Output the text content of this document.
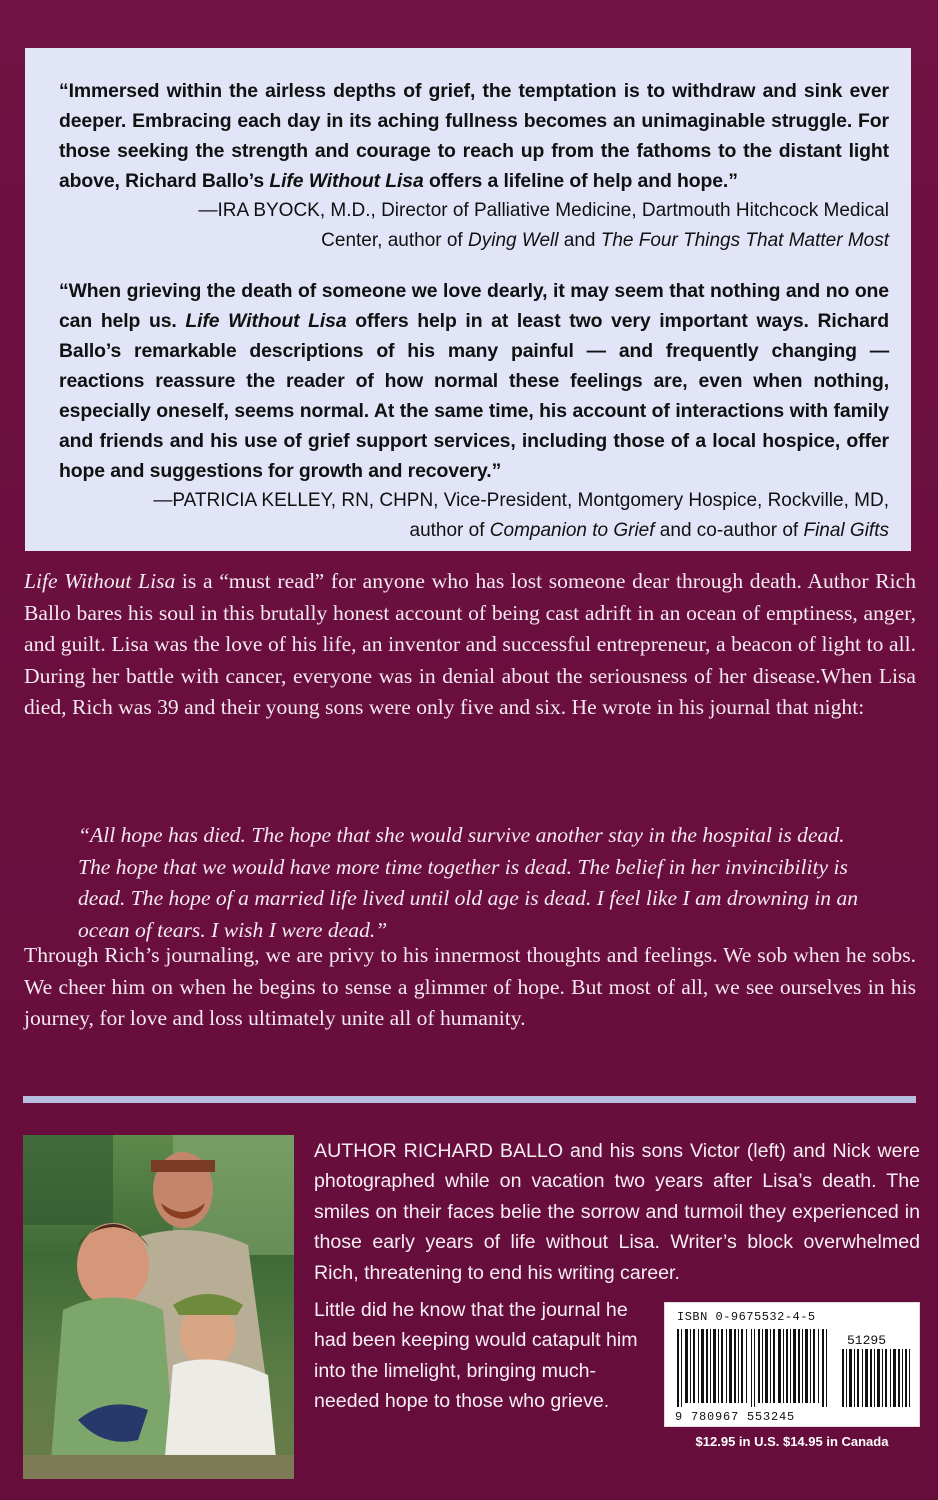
“Immersed within the airless depths of grief, the temptation is to withdraw and sink ever deeper. Embracing each day in its aching fullness becomes an unimaginable struggle. For those seeking the strength and courage to reach up from the fathoms to the distant light above, Richard Ballo’s Life Without Lisa offers a lifeline of help and hope.”

—IRA BYOCK, M.D., Director of Palliative Medicine, Dartmouth Hitchcock Medical
Center, author of Dying Well and The Four Things That Matter Most

“When grieving the death of someone we love dearly, it may seem that nothing and no one can help us. Life Without Lisa offers help in at least two very important ways. Richard Ballo’s remarkable descriptions of his many painful — and frequently changing — reactions reassure the reader of how normal these feelings are, even when nothing, especially oneself, seems normal. At the same time, his account of interactions with family and friends and his use of grief support services, including those of a local hospice, offer hope and suggestions for growth and recovery.”

—PATRICIA KELLEY, RN, CHPN, Vice-President, Montgomery Hospice, Rockville, MD,
author of Companion to Grief and co-author of Final Gifts

Life Without Lisa is a “must read” for anyone who has lost someone dear through death. Author Rich Ballo bares his soul in this brutally honest account of being cast adrift in an ocean of emptiness, anger, and guilt. Lisa was the love of his life, an inventor and successful entrepreneur, a beacon of light to all. During her battle with cancer, everyone was in denial about the seriousness of her disease.When Lisa died, Rich was 39 and their young sons were only five and six. He wrote in his journal that night:

“All hope has died. The hope that she would survive another stay in the hospital is dead. The hope that we would have more time together is dead. The belief in her invincibility is dead. The hope of a married life lived until old age is dead. I feel like I am drowning in an ocean of tears. I wish I were dead.”

Through Rich’s journaling, we are privy to his innermost thoughts and feelings. We sob when he sobs. We cheer him on when he begins to sense a glimmer of hope. But most of all, we see ourselves in his journey, for love and loss ultimately unite all of humanity.

AUTHOR RICHARD BALLO and his sons Victor (left) and Nick were photographed while on vacation two years after Lisa’s death. The smiles on their faces belie the sorrow and turmoil they experienced in those early years of life without Lisa. Writer’s block overwhelmed Rich, threatening to end his writing career.

Little did he know that the journal he had been keeping would catapult him into the limelight, bringing much-needed hope to those who grieve.

ISBN 0-9675532-4-5
51295
9 780967 553245
$12.95 in U.S. $14.95 in Canada
